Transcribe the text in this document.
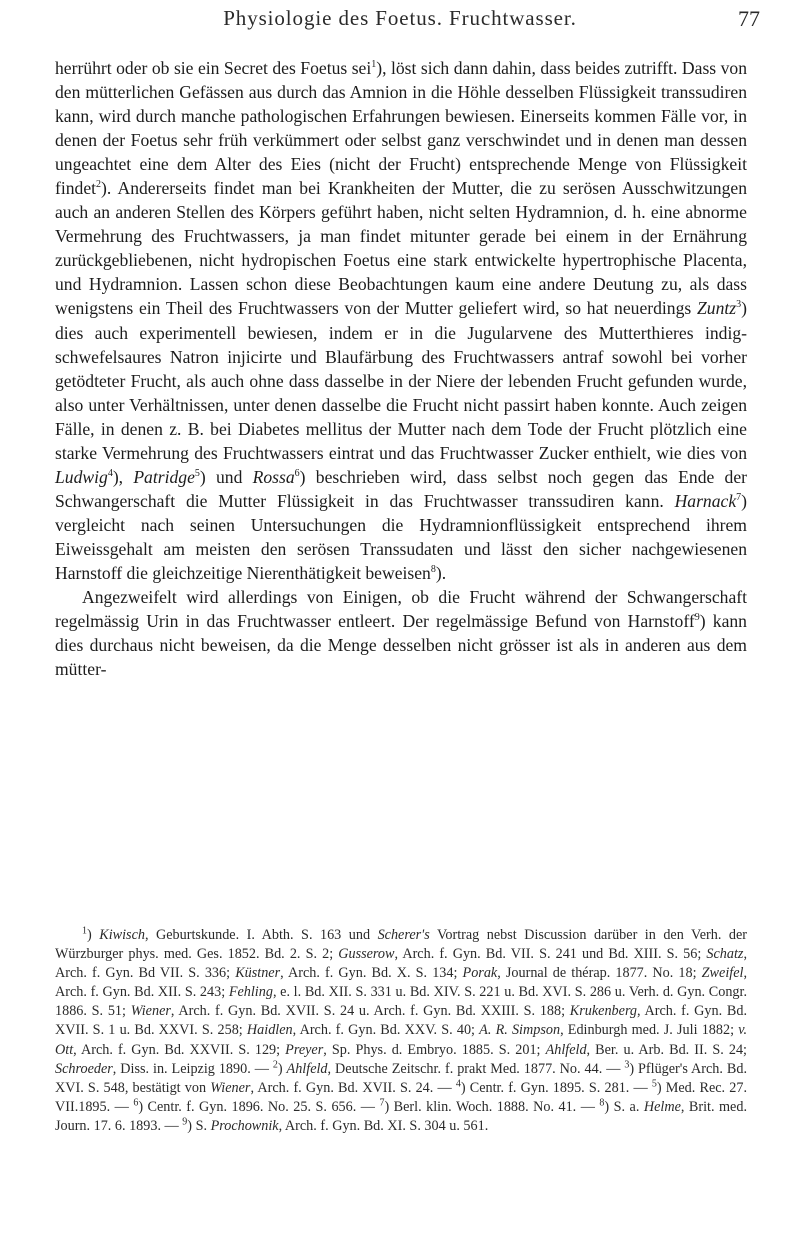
Physiologie des Foetus. Fruchtwasser.	77

herrührt oder ob sie ein Secret des Foetus sei$^1$), löst sich dann dahin, dass beides zutrifft. Dass von den mütterlichen Gefässen aus durch das Amnion in die Höhle desselben Flüssigkeit transsudiren kann, wird durch manche pathologischen Erfahrungen bewiesen. Einerseits kommen Fälle vor, in denen der Foetus sehr früh verkümmert oder selbst ganz verschwindet und in denen man dessen ungeachtet eine dem Alter des Eies (nicht der Frucht) entsprechende Menge von Flüssigkeit findet$^2$). Andererseits findet man bei Krankheiten der Mutter, die zu serösen Ausschwitzungen auch an anderen Stellen des Körpers geführt haben, nicht selten Hydramnion, d. h. eine abnorme Vermehrung des Fruchtwassers, ja man findet mitunter gerade bei einem in der Ernährung zurückgebliebenen, nicht hydropischen Foetus eine stark entwickelte hypertrophische Placenta, und Hydramnion. Lassen schon diese Beobachtungen kaum eine andere Deutung zu, als dass wenigstens ein Theil des Fruchtwassers von der Mutter geliefert wird, so hat neuerdings Zuntz$^3$) dies auch experimentell bewiesen, indem er in die Jugularvene des Mutterthieres indig-schwefelsaures Natron injicirte und Blaufärbung des Fruchtwassers antraf sowohl bei vorher getödteter Frucht, als auch ohne dass dasselbe in der Niere der lebenden Frucht gefunden wurde, also unter Verhältnissen, unter denen dasselbe die Frucht nicht passirt haben konnte. Auch zeigen Fälle, in denen z. B. bei Diabetes mellitus der Mutter nach dem Tode der Frucht plötzlich eine starke Vermehrung des Fruchtwassers eintrat und das Fruchtwasser Zucker enthielt, wie dies von Ludwig$^4$), Patridge$^5$) und Rossa$^6$) beschrieben wird, dass selbst noch gegen das Ende der Schwangerschaft die Mutter Flüssigkeit in das Fruchtwasser transsudiren kann. Harnack$^7$) vergleicht nach seinen Untersuchungen die Hydramnionflüssigkeit entsprechend ihrem Eiweissgehalt am meisten den serösen Transsudaten und lässt den sicher nachgewiesenen Harnstoff die gleichzeitige Nierenthätigkeit beweisen$^8$).

Angezweifelt wird allerdings von Einigen, ob die Frucht während der Schwangerschaft regelmässig Urin in das Fruchtwasser entleert. Der regelmässige Befund von Harnstoff$^9$) kann dies durchaus nicht beweisen, da die Menge desselben nicht grösser ist als in anderen aus dem mütter-

$^1$) Kiwisch, Geburtskunde. I. Abth. S. 163 und Scherer's Vortrag nebst Discussion darüber in den Verh. der Würzburger phys. med. Ges. 1852. Bd. 2. S. 2; Gusserow, Arch. f. Gyn. Bd. VII. S. 241 und Bd. XIII. S. 56; Schatz, Arch. f. Gyn. Bd VII. S. 336; Küstner, Arch. f. Gyn. Bd. X. S. 134; Porak, Journal de thérap. 1877. No. 18; Zweifel, Arch. f. Gyn. Bd. XII. S. 243; Fehling, e. l. Bd. XII. S. 331 u. Bd. XIV. S. 221 u. Bd. XVI. S. 286 u. Verh. d. Gyn. Congr. 1886. S. 51; Wiener, Arch. f. Gyn. Bd. XVII. S. 24 u. Arch. f. Gyn. Bd. XXIII. S. 188; Krukenberg, Arch. f. Gyn. Bd. XVII. S. 1 u. Bd. XXVI. S. 258; Haidlen, Arch. f. Gyn. Bd. XXV. S. 40; A. R. Simpson, Edinburgh med. J. Juli 1882; v. Ott, Arch. f. Gyn. Bd. XXVII. S. 129; Preyer, Sp. Phys. d. Embryo. 1885. S. 201; Ahlfeld, Ber. u. Arb. Bd. II. S. 24; Schroeder, Diss. in. Leipzig 1890. — $^2$) Ahlfeld, Deutsche Zeitschr. f. prakt Med. 1877. No. 44. — $^3$) Pflüger's Arch. Bd. XVI. S. 548, bestätigt von Wiener, Arch. f. Gyn. Bd. XVII. S. 24. — $^4$) Centr. f. Gyn. 1895. S. 281. — $^5$) Med. Rec. 27. VII.1895. — $^6$) Centr. f. Gyn. 1896. No. 25. S. 656. — $^7$) Berl. klin. Woch. 1888. No. 41. — $^8$) S. a. Helme, Brit. med. Journ. 17. 6. 1893. — $^9$) S. Prochownik, Arch. f. Gyn. Bd. XI. S. 304 u. 561.
